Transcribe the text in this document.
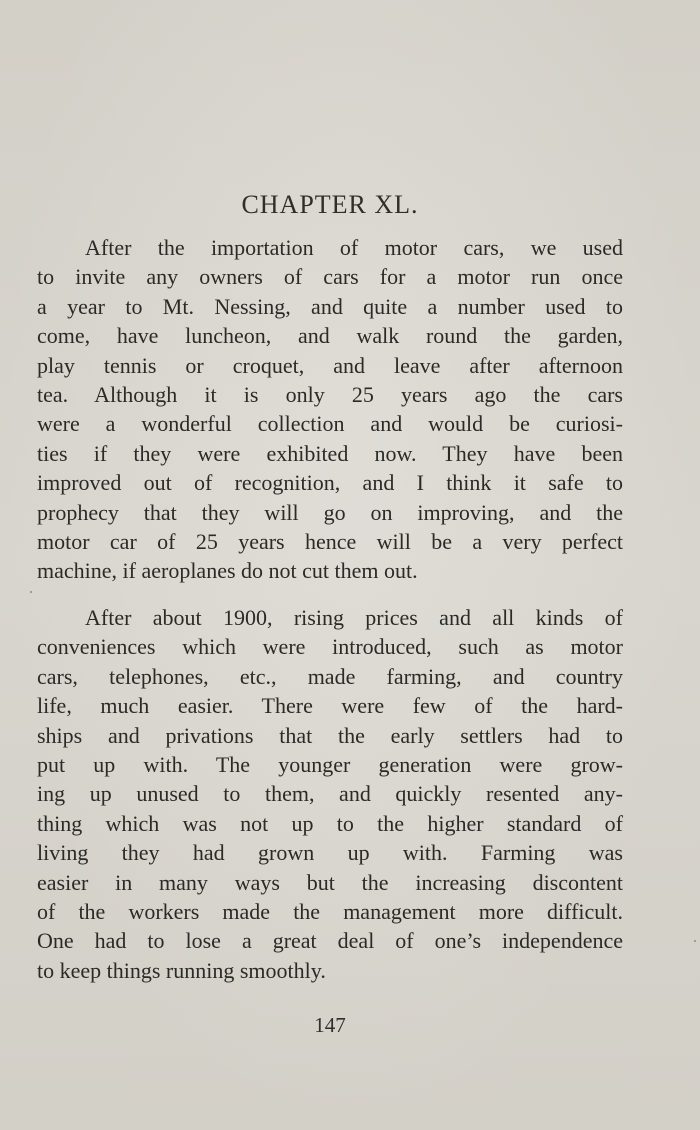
CHAPTER XL.
After the importation of motor cars, we used
to invite any owners of cars for a motor run once
a year to Mt. Nessing, and quite a number used to
come, have luncheon, and walk round the garden,
play tennis or croquet, and leave after afternoon
tea. Although it is only 25 years ago the cars
were a wonderful collection and would be curiosi-
ties if they were exhibited now. They have been
improved out of recognition, and I think it safe to
prophecy that they will go on improving, and the
motor car of 25 years hence will be a very perfect
machine, if aeroplanes do not cut them out.
After about 1900, rising prices and all kinds of
conveniences which were introduced, such as motor
cars, telephones, etc., made farming, and country
life, much easier. There were few of the hard-
ships and privations that the early settlers had to
put up with. The younger generation were grow-
ing up unused to them, and quickly resented any-
thing which was not up to the higher standard of
living they had grown up with. Farming was
easier in many ways but the increasing discontent
of the workers made the management more difficult.
One had to lose a great deal of one’s independence
to keep things running smoothly.
147
